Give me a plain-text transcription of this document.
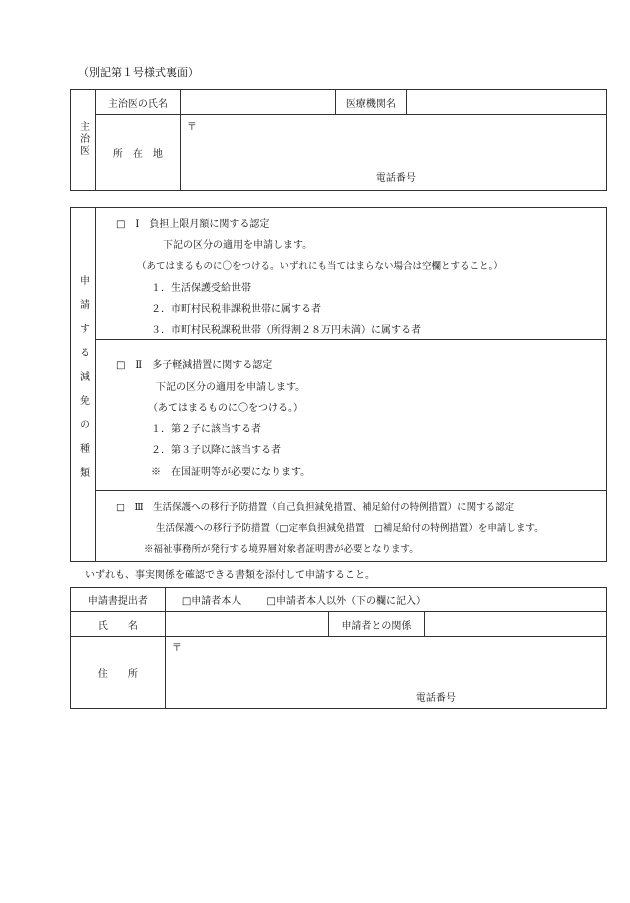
（別記第１号様式裏面）
主治医	主治医の氏名		医療機関名	
	所　在　地	〒
電話番号		
申請する減免の種類	
□　Ⅰ　負担上限月額に関する認定
下記の区分の適用を申請します。
（あてはまるものに〇をつける。いずれにも当てはまらない場合は空欄とすること。）
１．生活保護受給世帯
２．市町村民税非課税世帯に属する者
３．市町村民税課税世帯（所得割２８万円未満）に属する者

□　Ⅱ　多子軽減措置に関する認定
下記の区分の適用を申請します。
（あてはまるものに〇をつける。）
１．第２子に該当する者
２．第３子以降に該当する者
※　在国証明等が必要になります。

□　Ⅲ　生活保護への移行予防措置（自己負担減免措置、補足給付の特例措置）に関する認定
生活保護への移行予防措置（□定率負担減免措置　□補足給付の特例措置）を申請します。
※福祉事務所が発行する境界層対象者証明書が必要となります。
いずれも、事実関係を確認できる書類を添付して申請すること。
申請書提出者	□申請者本人 □申請者本人以外（下の欄に記入）		
氏　　名		申請者との関係	
住　　所	〒
電話番号		
